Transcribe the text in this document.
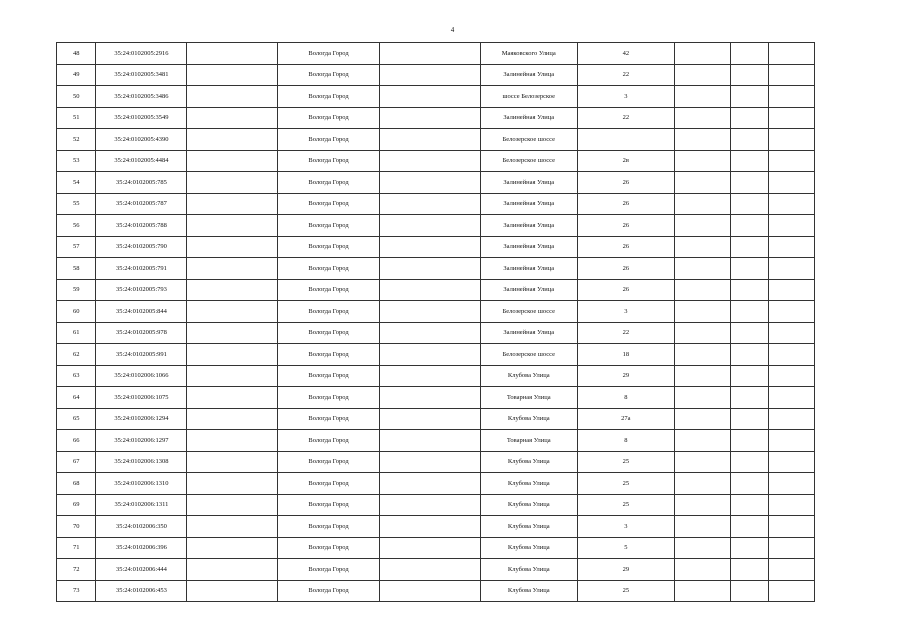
4
48	35:24:0102005:2916		Вологда Город		Маяковского Улица	42			
49	35:24:0102005:3481		Вологда Город		Залинейная Улица	22			
50	35:24:0102005:3486		Вологда Город		шоссе Белозерское	3			
51	35:24:0102005:3549		Вологда Город		Залинейная Улица	22			
52	35:24:0102005:4390		Вологда Город		Белозерское шоссе				
53	35:24:0102005:4484		Вологда Город		Белозерское шоссе	2в			
54	35:24:0102005:785		Вологда Город		Залинейная Улица	26			
55	35:24:0102005:787		Вологда Город		Залинейная Улица	26			
56	35:24:0102005:788		Вологда Город		Залинейная Улица	26			
57	35:24:0102005:790		Вологда Город		Залинейная Улица	26			
58	35:24:0102005:791		Вологда Город		Залинейная Улица	26			
59	35:24:0102005:793		Вологда Город		Залинейная Улица	26			
60	35:24:0102005:844		Вологда Город		Белозерское шоссе	3			
61	35:24:0102005:978		Вологда Город		Залинейная Улица	22			
62	35:24:0102005:991		Вологда Город		Белозерское шоссе	18			
63	35:24:0102006:1066		Вологда Город		Клубова Улица	29			
64	35:24:0102006:1075		Вологда Город		Товарная Улица	8			
65	35:24:0102006:1294		Вологда Город		Клубова Улица	27а			
66	35:24:0102006:1297		Вологда Город		Товарная Улица	8			
67	35:24:0102006:1308		Вологда Город		Клубова Улица	25			
68	35:24:0102006:1310		Вологда Город		Клубова Улица	25			
69	35:24:0102006:1311		Вологда Город		Клубова Улица	25			
70	35:24:0102006:350		Вологда Город		Клубова Улица	3			
71	35:24:0102006:396		Вологда Город		Клубова Улица	5			
72	35:24:0102006:444		Вологда Город		Клубова Улица	29			
73	35:24:0102006:453		Вологда Город		Клубова Улица	25			
